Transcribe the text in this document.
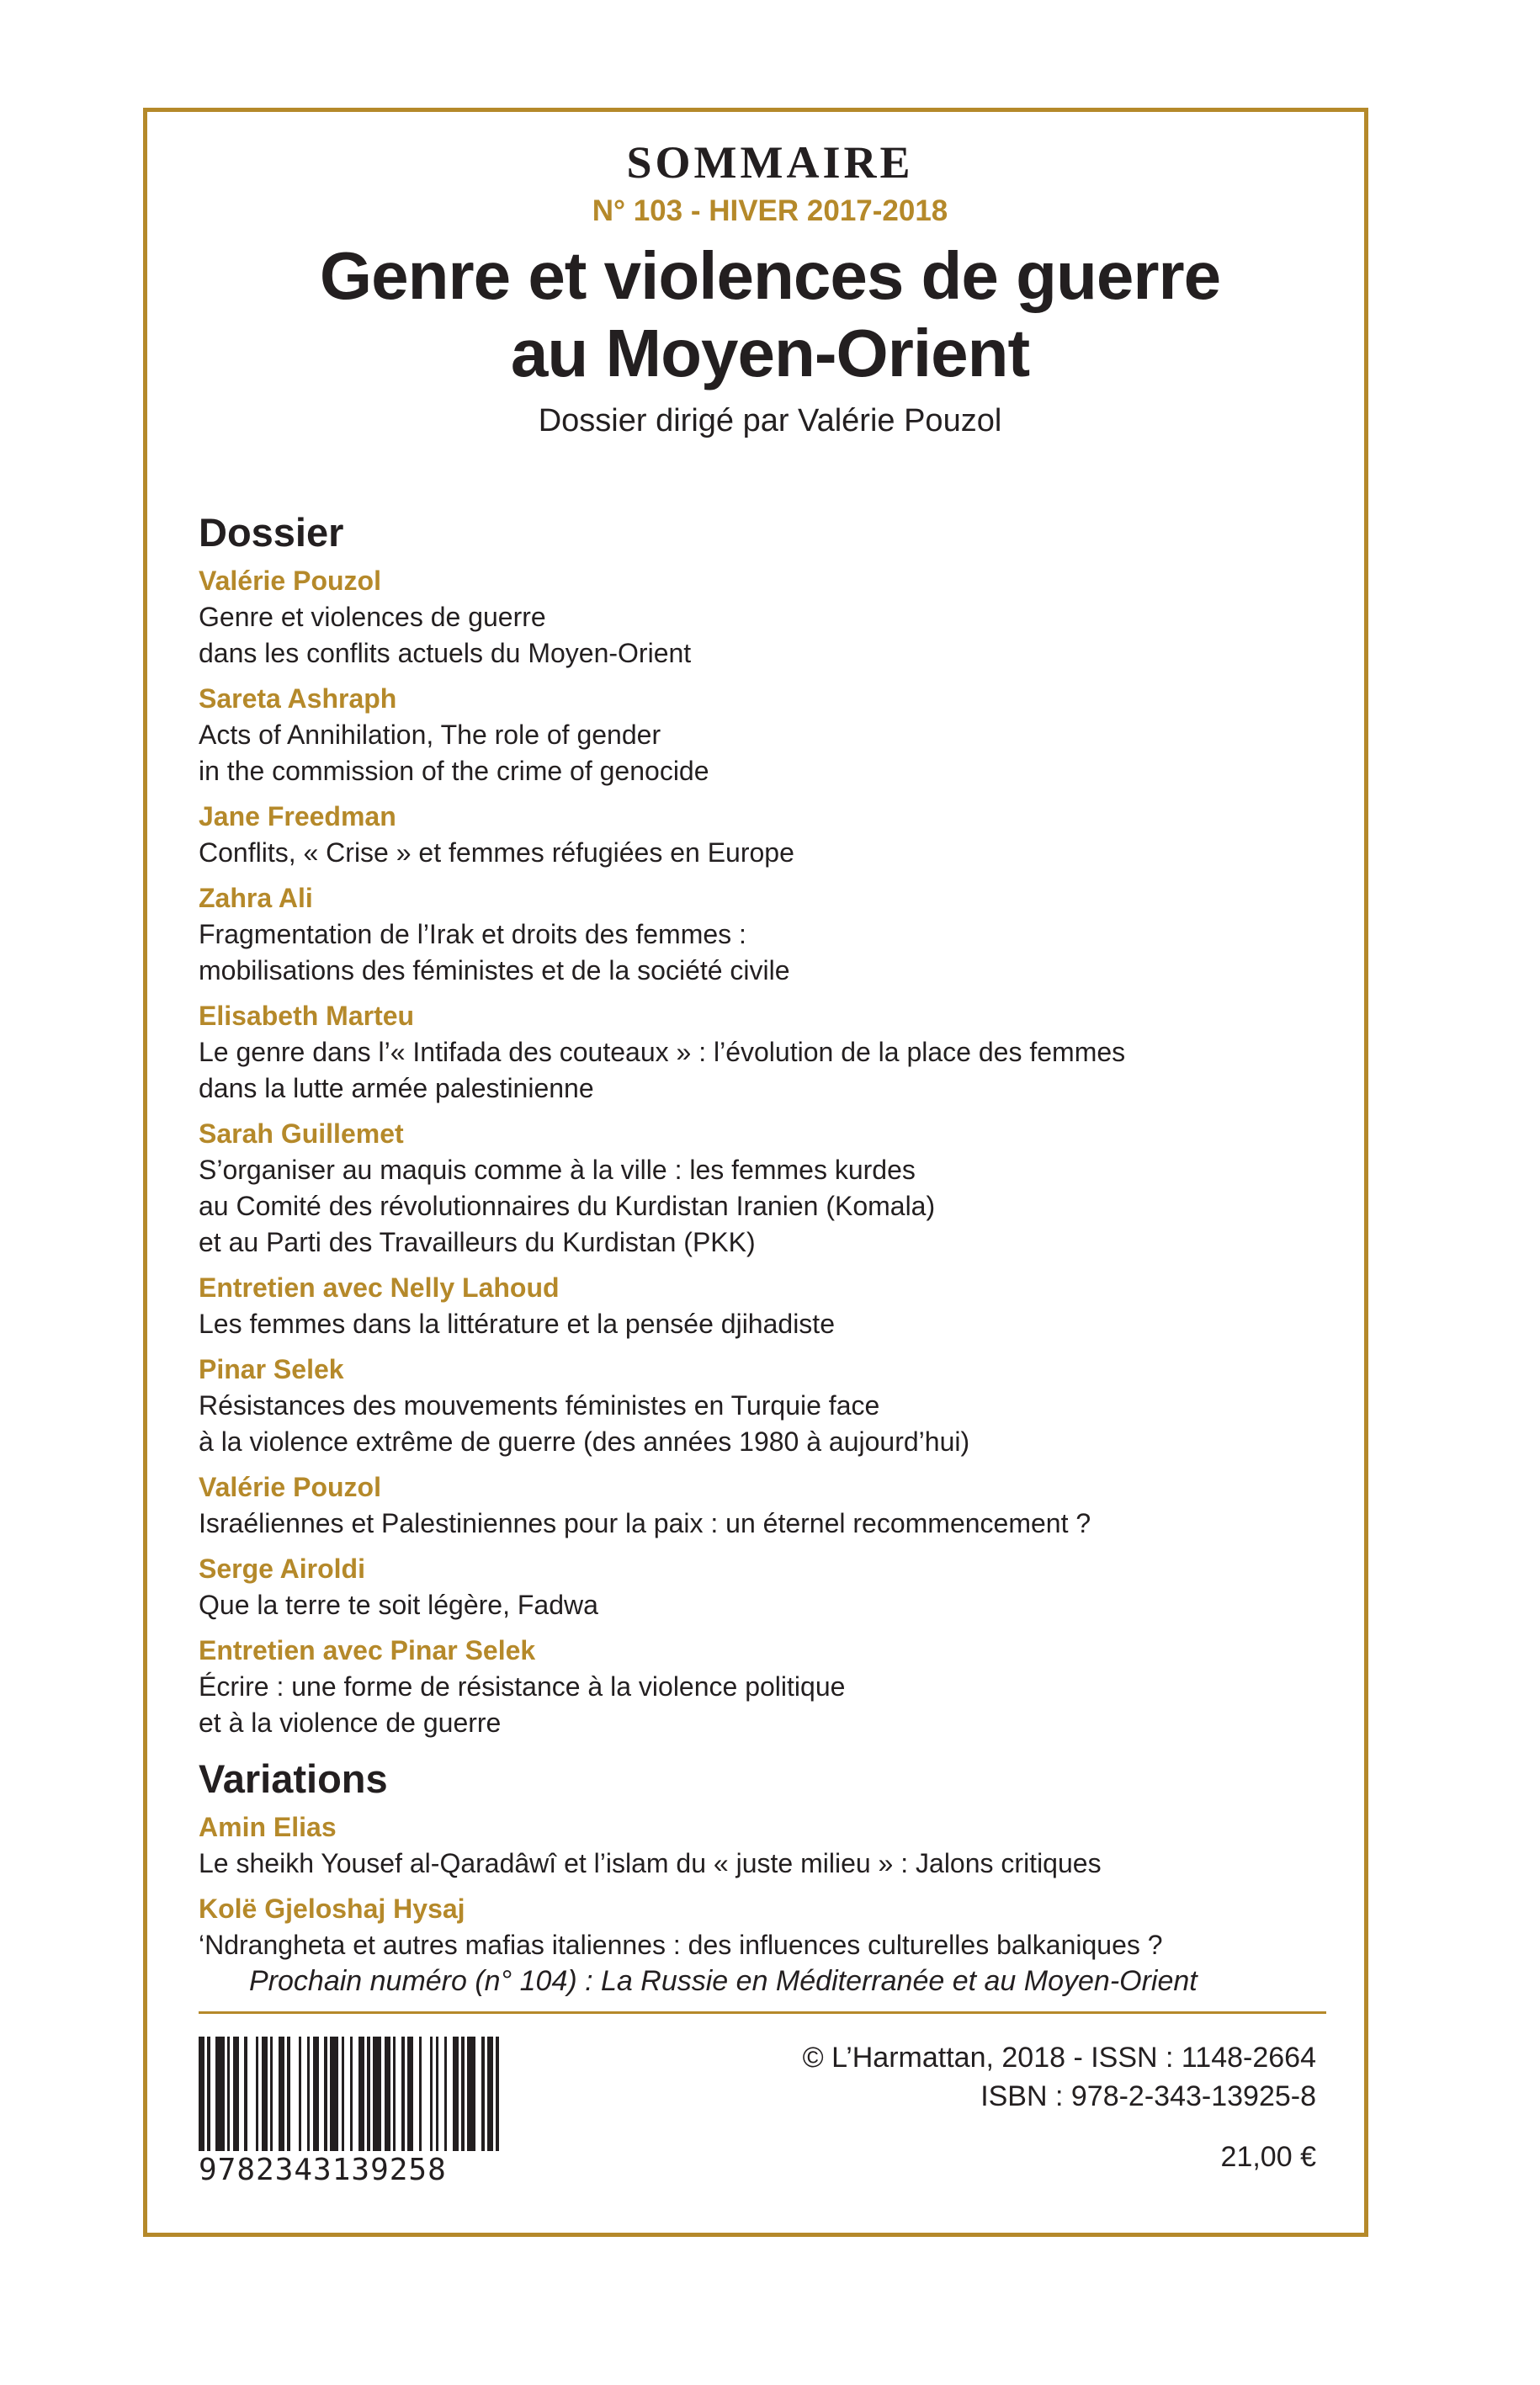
SOMMAIRE
N° 103 - HIVER 2017-2018
Genre et violences de guerre
au Moyen-Orient
Dossier dirigé par Valérie Pouzol
Dossier
Valérie Pouzol
Genre et violences de guerre
dans les conflits actuels du Moyen-Orient
Sareta Ashraph
Acts of Annihilation, The role of gender
in the commission of the crime of genocide
Jane Freedman
Conflits, « Crise » et femmes réfugiées en Europe
Zahra Ali
Fragmentation de l’Irak et droits des femmes :
mobilisations des féministes et de la société civile
Elisabeth Marteu
Le genre dans l’« Intifada des couteaux » : l’évolution de la place des femmes
dans la lutte armée palestinienne
Sarah Guillemet
S’organiser au maquis comme à la ville : les femmes kurdes
au Comité des révolutionnaires du Kurdistan Iranien (Komala)
et au Parti des Travailleurs du Kurdistan (PKK)
Entretien avec Nelly Lahoud
Les femmes dans la littérature et la pensée djihadiste
Pinar Selek
Résistances des mouvements féministes en Turquie face
à la violence extrême de guerre (des années 1980 à aujourd’hui)
Valérie Pouzol
Israéliennes et Palestiniennes pour la paix : un éternel recommencement ?
Serge Airoldi
Que la terre te soit légère, Fadwa
Entretien avec Pinar Selek
Écrire : une forme de résistance à la violence politique
et à la violence de guerre
Variations
Amin Elias
Le sheikh Yousef al-Qaradâwî et l’islam du « juste milieu » : Jalons critiques
Kolë Gjeloshaj Hysaj
‘Ndrangheta et autres mafias italiennes : des influences culturelles balkaniques ?
Prochain numéro (n° 104) : La Russie en Méditerranée et au Moyen-Orient
9782343139258
© L’Harmattan, 2018 - ISSN : 1148-2664
ISBN : 978-2-343-13925-8
21,00 €
